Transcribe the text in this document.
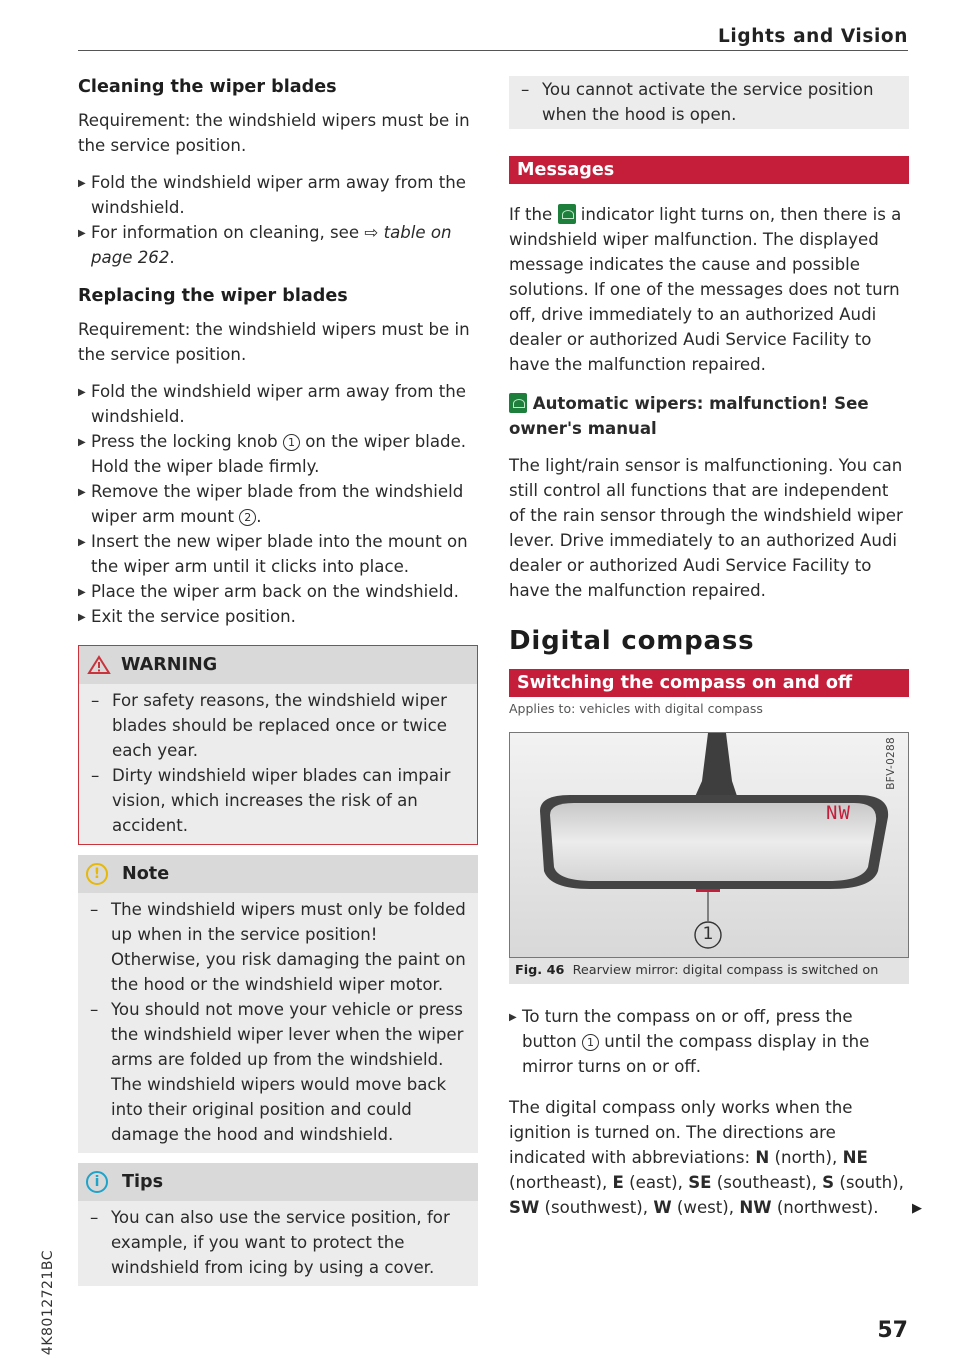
Lights and Vision
Cleaning the wiper blades

Requirement: the windshield wipers must be in the service position.

▶ Fold the windshield wiper arm away from the windshield.

▶ For information on cleaning, see ⇨ table on page 262.

Replacing the wiper blades

Requirement: the windshield wipers must be in the service position.

▶ Fold the windshield wiper arm away from the windshield.

▶ Press the locking knob 1 on the wiper blade. Hold the wiper blade firmly.

▶ Remove the wiper blade from the windshield wiper arm mount 2 .

▶ Insert the new wiper blade into the mount on the wiper arm until it clicks into place.

▶ Place the wiper arm back on the windshield.

▶ Exit the service position.

WARNING

– For safety reasons, the windshield wiper blades should be replaced once or twice each year.

– Dirty windshield wiper blades can impair vision, which increases the risk of an accident.

!	Note

– The windshield wipers must only be folded up when in the service position! Otherwise, you risk damaging the paint on the hood or the windshield wiper motor.

– You should not move your vehicle or press the windshield wiper lever when the wiper arms are folded up from the windshield. The windshield wipers would move back into their original position and could damage the hood and windshield.

i	Tips

– You can also use the service position, for example, if you want to protect the windshield from icing by using a cover.

– You cannot activate the service position when the hood is open.

Messages

If the  indicator light turns on, then there is a windshield wiper malfunction. The displayed message indicates the cause and possible solutions. If one of the messages does not turn off, drive immediately to an authorized Audi dealer or authorized Audi Service Facility to have the malfunction repaired.

Automatic wipers: malfunction! See owner's manual

The light/rain sensor is malfunctioning. You can still control all functions that are independent of the rain sensor through the windshield wiper lever. Drive immediately to an authorized Audi dealer or authorized Audi Service Facility to have the malfunction repaired.

Digital compass
Switching the compass on and off
Applies to: vehicles with digital compass
NW
1
BFV-0288
Fig. 46 Rearview mirror: digital compass is switched on

▶ To turn the compass on or off, press the button 1 until the compass display in the mirror turns on or off.

The digital compass only works when the ignition is turned on. The directions are indicated with abbreviations: N (north), NE (northeast), E (east), SE (southeast), S (south), SW (southwest), W (west), NW (northwest).	▶
4K8012721BC	57
